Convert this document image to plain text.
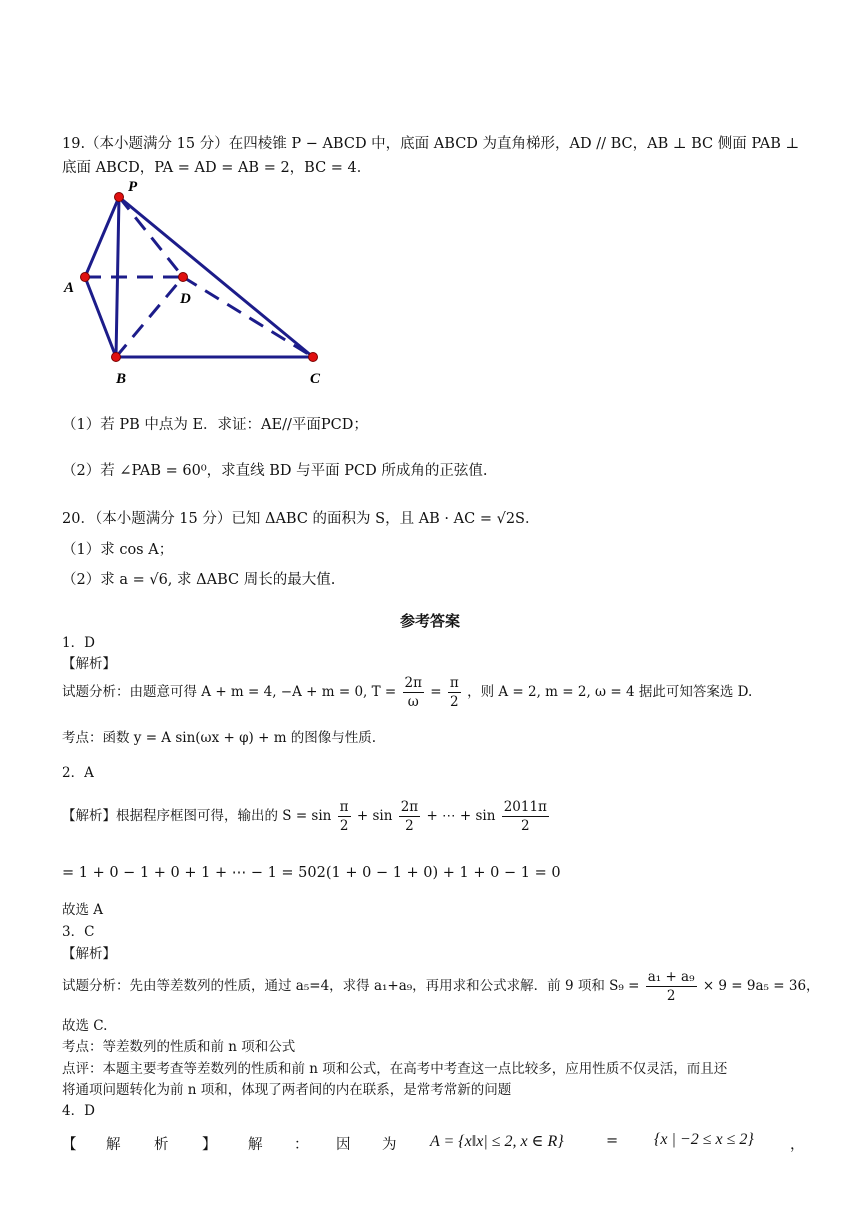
19.（本小题满分 15 分）在四棱锥 P − ABCD 中，底面 ABCD 为直角梯形，AD // BC，AB ⊥ BC 侧面 PAB ⊥
底面 ABCD，PA = AD = AB = 2，BC = 4．
P
A
D
B	C
（1）若 PB 中点为 E．求证：AE//平面PCD；
（2）若 ∠PAB = 60⁰，求直线 BD 与平面 PCD 所成角的正弦值.
20．（本小题满分 15 分）已知 ΔABC 的面积为 S，且 AB · AC = √2S．
（1）求 cos A；
（2）求 a = √6, 求 ΔABC 周长的最大值.
参考答案
1．D
【解析】
试题分析：由题意可得 A + m = 4, −A + m = 0, $T = \frac{2\pi}{\omega} = \frac{\pi}{2}$ ，则 A = 2, m = 2, ω = 4 据此可知答案选 D.
考点：函数 y = A sin(ωx + φ) + m 的图像与性质.
2．A
【解析】根据程序框图可得，输出的 $S = \sin \frac{\pi}{2} + \sin \frac{2\pi}{2}$ + ⋯ + $\sin \frac{2011\pi}{2}$
= 1 + 0 − 1 + 0 + 1 + ⋯ − 1 = 502(1 + 0 − 1 + 0) + 1 + 0 − 1 = 0
故选 A
3．C
【解析】
试题分析：先由等差数列的性质，通过 a₅=4，求得 a₁+a₉，再用求和公式求解．前 9 项和 $S_9 = \frac{\text{a₁ + a₉}}{2} \times 9 = 9a_5 = 36$，
故选 C.
考点：等差数列的性质和前 n 项和公式
点评：本题主要考查等差数列的性质和前 n 项和公式，在高考中考查这一点比较多，应用性质不仅灵活，而且还
将通项问题转化为前 n 项和，体现了两者间的内在联系，是常考常新的问题
4．D
【 解 析 】 解 ： 因 为 A = {x‖x| ≤ 2, x ∈ R}	= {x | −2 ≤ x ≤ 2} ，
